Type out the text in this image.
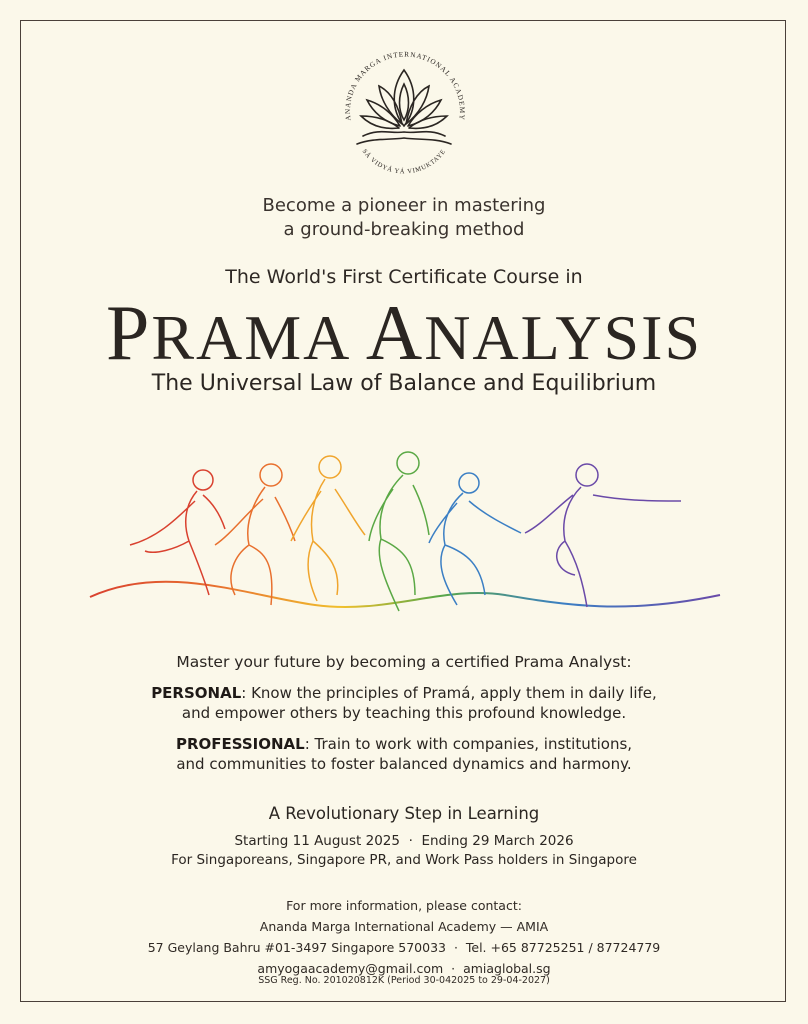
ANANDA MARGA INTERNATIONAL ACADEMY
SÁ VIDYÁ YÁ VIMUKTAYE
Become a pioneer in mastering
a ground-breaking method
The World's First Certificate Course in
PRAMA ANALYSIS
The Universal Law of Balance and Equilibrium
Master your future by becoming a certified Prama Analyst:
PERSONAL: Know the principles of Pramá, apply them in daily life,
and empower others by teaching this profound knowledge.
PROFESSIONAL: Train to work with companies, institutions,
and communities to foster balanced dynamics and harmony.
A Revolutionary Step in Learning
Starting 11 August 2025 · Ending 29 March 2026
For Singaporeans, Singapore PR, and Work Pass holders in Singapore
For more information, please contact:
Ananda Marga International Academy — AMIA
57 Geylang Bahru #01-3497 Singapore 570033 · Tel. +65 87725251 / 87724779
amyogaacademy@gmail.com · amiaglobal.sg
SSG Reg. No. 201020812K (Period 30-042025 to 29-04-2027)
